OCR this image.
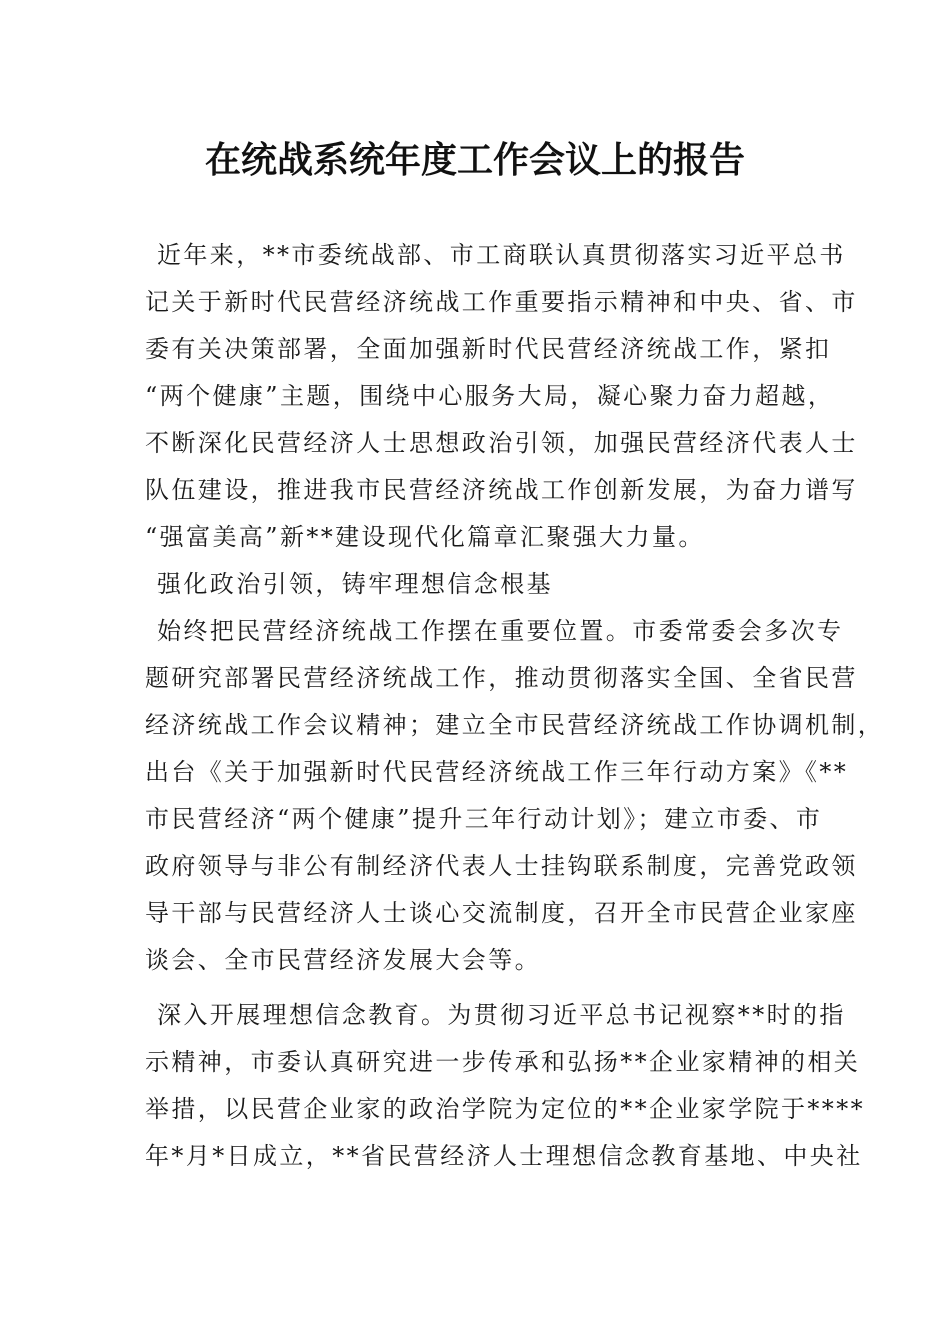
在统战系统年度工作会议上的报告
近年来，**市委统战部、市工商联认真贯彻落实习近平总书
记关于新时代民营经济统战工作重要指示精神和中央、省、市
委有关决策部署，全面加强新时代民营经济统战工作，紧扣
“两个健康”主题，围绕中心服务大局，凝心聚力奋力超越，
不断深化民营经济人士思想政治引领，加强民营经济代表人士
队伍建设，推进我市民营经济统战工作创新发展，为奋力谱写
“强富美高”新**建设现代化篇章汇聚强大力量。
强化政治引领，铸牢理想信念根基
始终把民营经济统战工作摆在重要位置。市委常委会多次专
题研究部署民营经济统战工作，推动贯彻落实全国、全省民营
经济统战工作会议精神；建立全市民营经济统战工作协调机制，
出台《关于加强新时代民营经济统战工作三年行动方案》《**
市民营经济“两个健康”提升三年行动计划》；建立市委、市
政府领导与非公有制经济代表人士挂钩联系制度，完善党政领
导干部与民营经济人士谈心交流制度，召开全市民营企业家座
谈会、全市民营经济发展大会等。
深入开展理想信念教育。为贯彻习近平总书记视察**时的指
示精神，市委认真研究进一步传承和弘扬**企业家精神的相关
举措，以民营企业家的政治学院为定位的**企业家学院于****
年*月*日成立，**省民营经济人士理想信念教育基地、中央社
